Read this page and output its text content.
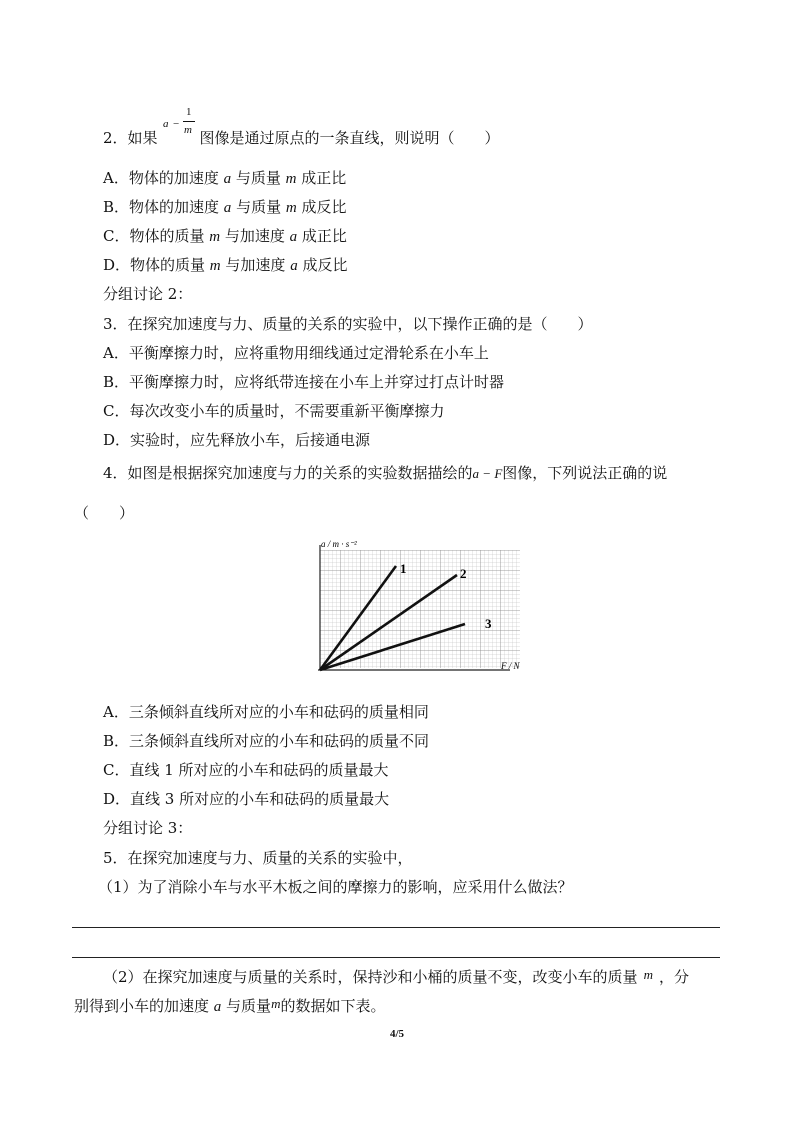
2．如果	图像是通过原点的一条直线，则说明（　　）
a −
1
m
A．物体的加速度 a 与质量 m 成正比
B．物体的加速度 a 与质量 m 成反比
C．物体的质量 m 与加速度 a 成正比
D．物体的质量 m 与加速度 a 成反比
分组讨论 2：
3．在探究加速度与力、质量的关系的实验中，以下操作正确的是（　　）
A．平衡摩擦力时，应将重物用细线通过定滑轮系在小车上
B．平衡摩擦力时，应将纸带连接在小车上并穿过打点计时器
C．每次改变小车的质量时，不需要重新平衡摩擦力
D．实验时，应先释放小车，后接通电源
4．如图是根据探究加速度与力的关系的实验数据描绘的a − F图像，下列说法正确的说
（　　）
a / m · s⁻²
F / N
1	2
3
A．三条倾斜直线所对应的小车和砝码的质量相同
B．三条倾斜直线所对应的小车和砝码的质量不同
C．直线 1 所对应的小车和砝码的质量最大
D．直线 3 所对应的小车和砝码的质量最大
分组讨论 3：
5．在探究加速度与力、质量的关系的实验中，
（1）为了消除小车与水平木板之间的摩擦力的影响，应采用什么做法？
（2）在探究加速度与质量的关系时，保持沙和小桶的质量不变，改变小车的质量 m ，分
别得到小车的加速度 a 与质量m的数据如下表。
4/5
